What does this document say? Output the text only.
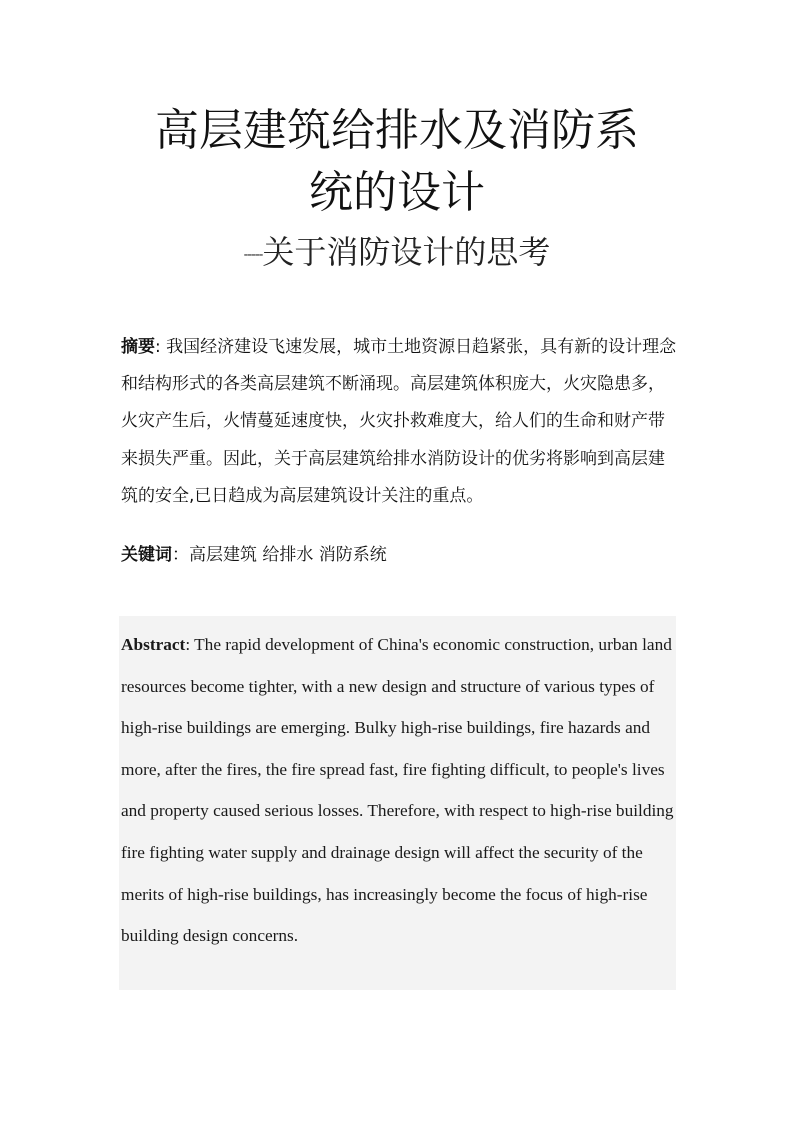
高层建筑给排水及消防系
统的设计
-----关于消防设计的思考

摘要: 我国经济建设飞速发展，城市土地资源日趋紧张，具有新的设计理念和结构形式的各类高层建筑不断涌现。高层建筑体积庞大，火灾隐患多，火灾产生后，火情蔓延速度快，火灾扑救难度大，给人们的生命和财产带来损失严重。因此，关于高层建筑给排水消防设计的优劣将影响到高层建筑的安全,已日趋成为高层建筑设计关注的重点。

关键词：高层建筑 给排水 消防系统

Abstract: The rapid development of China's economic construction, urban land resources become tighter, with a new design and structure of various types of high-rise buildings are emerging. Bulky high-rise buildings, fire hazards and more, after the fires, the fire spread fast, fire fighting difficult, to people's lives and property caused serious losses. Therefore, with respect to high-rise building fire fighting water supply and drainage design will affect the security of the merits of high-rise buildings, has increasingly become the focus of high-rise building design concerns.
